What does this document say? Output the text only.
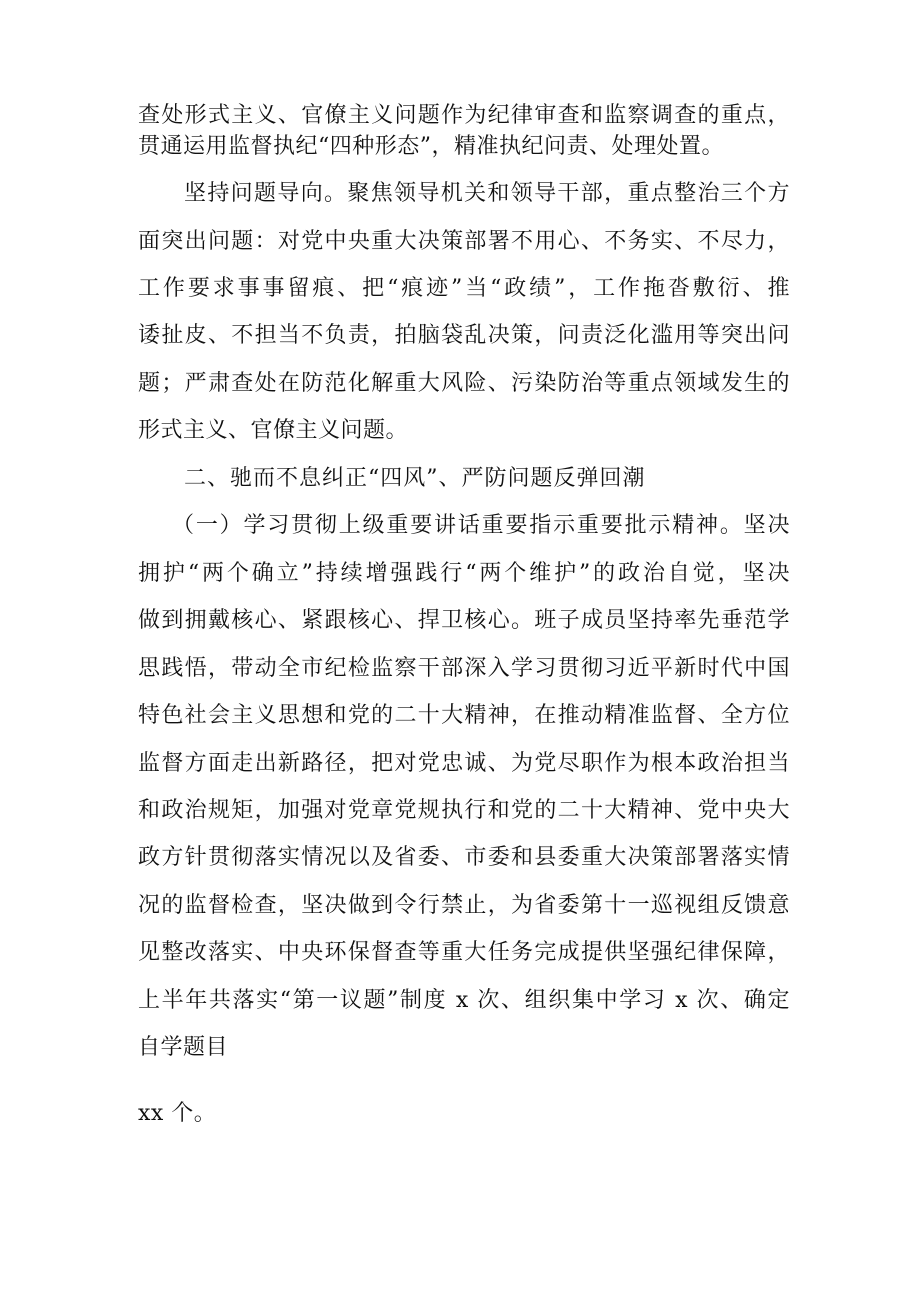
查处形式主义、官僚主义问题作为纪律审查和监察调查的重点，
贯通运用监督执纪“四种形态”，精准执纪问责、处理处置。
坚持问题导向。聚焦领导机关和领导干部，重点整治三个方
面突出问题：对党中央重大决策部署不用心、不务实、不尽力，
工作要求事事留痕、把“痕迹”当“政绩”，工作拖沓敷衍、推
诿扯皮、不担当不负责，拍脑袋乱决策，问责泛化滥用等突出问
题；严肃查处在防范化解重大风险、污染防治等重点领域发生的
形式主义、官僚主义问题。
二、驰而不息纠正“四风”、严防问题反弹回潮
（一）学习贯彻上级重要讲话重要指示重要批示精神。坚决
拥护“两个确立”持续增强践行“两个维护”的政治自觉，坚决
做到拥戴核心、紧跟核心、捍卫核心。班子成员坚持率先垂范学
思践悟，带动全市纪检监察干部深入学习贯彻习近平新时代中国
特色社会主义思想和党的二十大精神，在推动精准监督、全方位
监督方面走出新路径，把对党忠诚、为党尽职作为根本政治担当
和政治规矩，加强对党章党规执行和党的二十大精神、党中央大
政方针贯彻落实情况以及省委、市委和县委重大决策部署落实情
况的监督检查，坚决做到令行禁止，为省委第十一巡视组反馈意
见整改落实、中央环保督查等重大任务完成提供坚强纪律保障，
上半年共落实“第一议题”制度 x 次、组织集中学习 x 次、确定
自学题目
xx 个。
